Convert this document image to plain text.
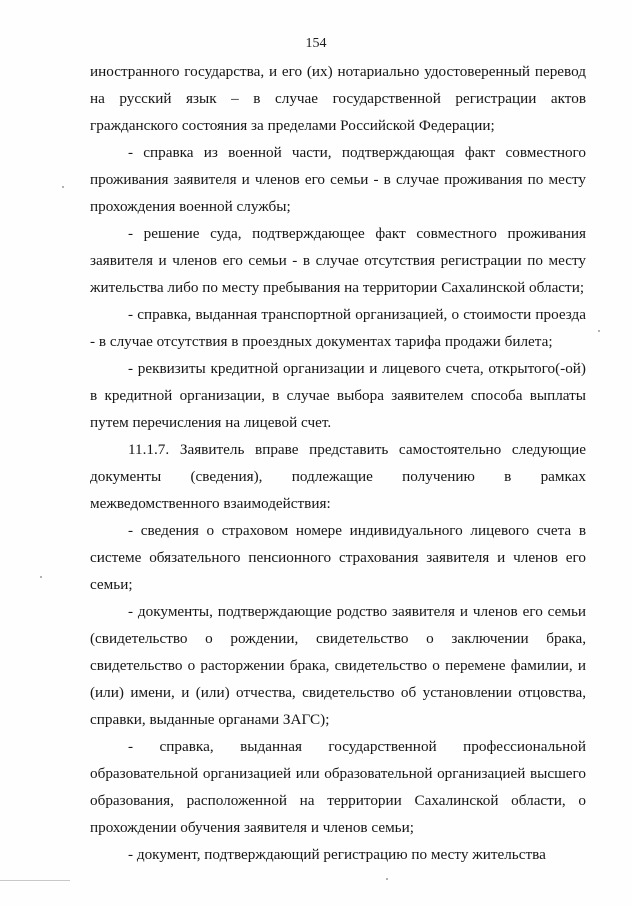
154

иностранного государства, и его (их) нотариально удостоверенный перевод на русский язык – в случае государственной регистрации актов гражданского состояния за пределами Российской Федерации;

- справка из военной части, подтверждающая факт совместного проживания заявителя и членов его семьи - в случае проживания по месту прохождения военной службы;

- решение суда, подтверждающее факт совместного проживания заявителя и членов его семьи - в случае отсутствия регистрации по месту жительства либо по месту пребывания на территории Сахалинской области;

- справка, выданная транспортной организацией, о стоимости проезда - в случае отсутствия в проездных документах тарифа продажи билета;

- реквизиты кредитной организации и лицевого счета, открытого(-ой) в кредитной организации, в случае выбора заявителем способа выплаты путем перечисления на лицевой счет.

11.1.7. Заявитель вправе представить самостоятельно следующие документы (сведения), подлежащие получению в рамках межведомственного взаимодействия:

- сведения о страховом номере индивидуального лицевого счета в системе обязательного пенсионного страхования заявителя и членов его семьи;

- документы, подтверждающие родство заявителя и членов его семьи (свидетельство о рождении, свидетельство о заключении брака, свидетельство о расторжении брака, свидетельство о перемене фамилии, и (или) имени, и (или) отчества, свидетельство об установлении отцовства, справки, выданные органами ЗАГС);

- справка, выданная государственной профессиональной образовательной организацией или образовательной организацией высшего образования, расположенной на территории Сахалинской области, о прохождении обучения заявителя и членов семьи;

- документ, подтверждающий регистрацию по месту жительства
